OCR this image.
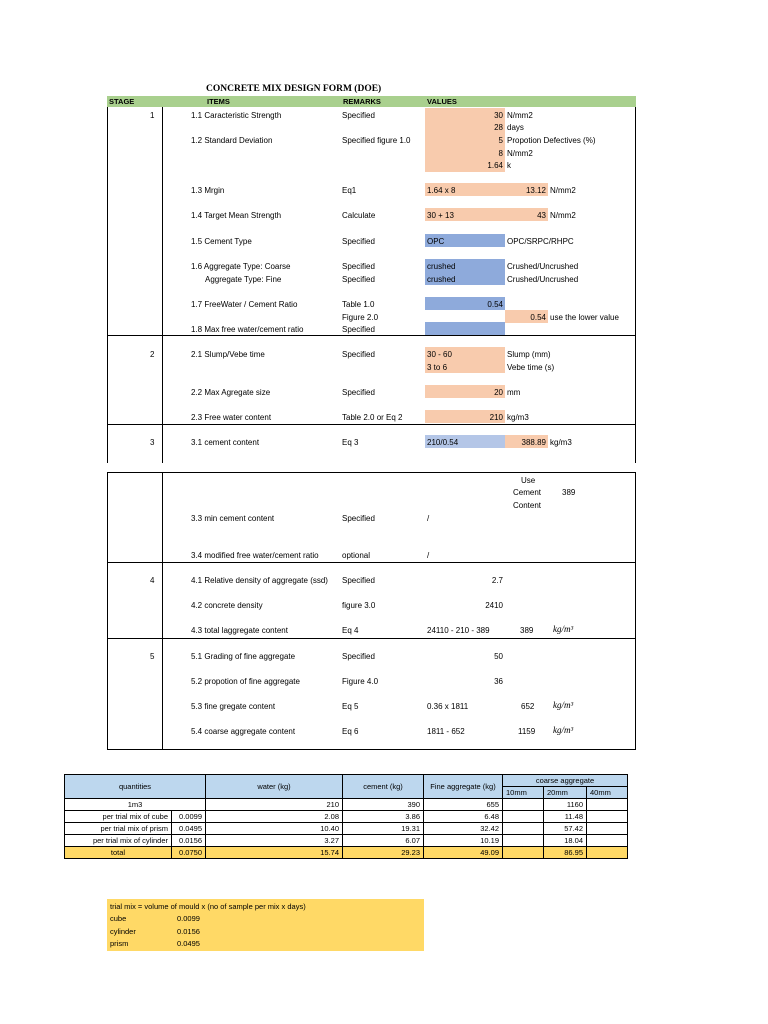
CONCRETE MIX DESIGN FORM (DOE)
STAGE	ITEMS	REMARKS	VALUES
1	1.1 Caracteristic Strength	Specified	30 N/mm2
28 days
1.2 Standard Deviation	Specified figure 1.0	5 Propotion Defectives (%)
8 N/mm2
1.64 k
1.3 Mrgin	Eq1	1.64 x 8	13.12 N/mm2
1.4 Target Mean Strength	Calculate	30 + 13	43 N/mm2
1.5 Cement Type	Specified	OPC	OPC/SRPC/RHPC
1.6 Aggregate Type: Coarse	Specified	crushed	Crushed/Uncrushed
Aggregate Type: Fine	Specified	crushed	Crushed/Uncrushed
1.7 FreeWater / Cement Ratio	Table 1.0	0.54
Figure 2.0	0.54 use the lower value
1.8 Max free water/cement ratio	Specified
2	2.1 Slump/Vebe time	Specified	30 - 60	Slump (mm)
3 to 6	Vebe time (s)
2.2 Max Agregate size	Specified	20 mm
2.3 Free water content	Table 2.0 or Eq 2	210 kg/m3
3	3.1 cement content	Eq 3	210/0.54	388.89 kg/m3
Use
Cement	389
Content
3.3 min cement content	Specified	/
3.4 modified free water/cement ratio	optional	/
4	4.1 Relative density of aggregate (ssd) Specified	2.7
4.2 concrete density	figure 3.0	2410
4.3 total laggregate content	Eq 4	24110 - 210 - 389	389 kg/m³
5	5.1 Grading of fine aggregate	Specified	50
5.2 propotion of fine aggregate	Figure 4.0	36
5.3 fine gregate content	Eq 5	0.36 x 1811	652 kg/m³
5.4 coarse aggregate content	Eq 6	1811 - 652	1159 kg/m³
quantities		water (kg)	cement (kg)	Fine aggregate (kg)	coarse aggregate		
					10mm	20mm	40mm
1m3		210	390	655		1160	
per trial mix of cube	0.0099	2.08	3.86	6.48		11.48	
per trial mix of prism	0.0495	10.40	19.31	32.42		57.42	
per trial mix of cylinder	0.0156	3.27	6.07	10.19		18.04	
total	0.0750	15.74	29.23	49.09		86.95	
trial mix = volume of mould x (no of sample per mix x days)
cube	0.0099
cylinder	0.0156
prism	0.0495
